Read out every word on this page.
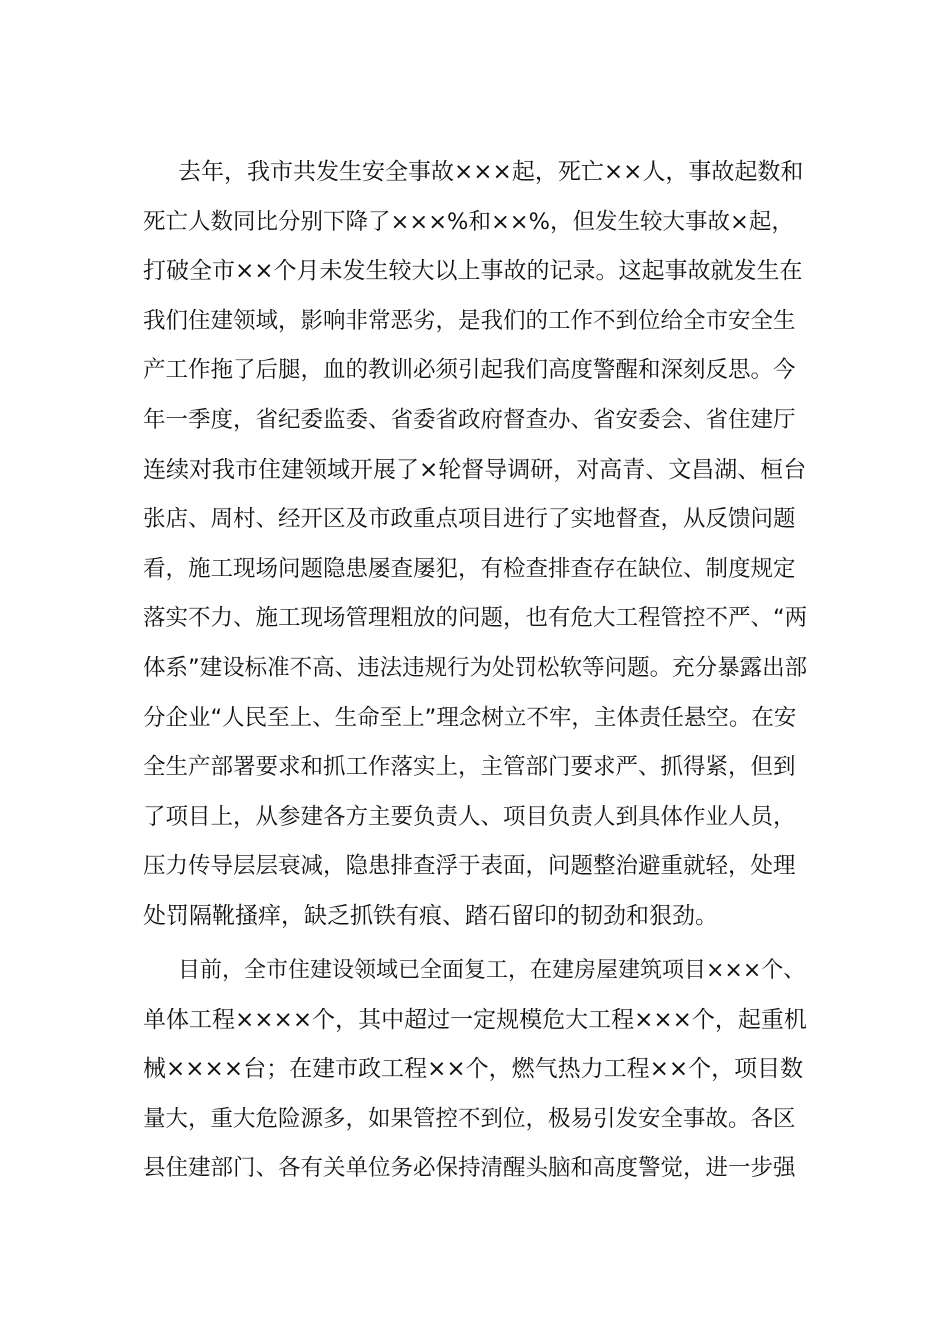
去年，我市共发生安全事故×××起，死亡××人，事故起数和
死亡人数同比分别下降了×××%和××%，但发生较大事故×起，
打破全市××个月未发生较大以上事故的记录。这起事故就发生在
我们住建领域，影响非常恶劣，是我们的工作不到位给全市安全生
产工作拖了后腿，血的教训必须引起我们高度警醒和深刻反思。今
年一季度，省纪委监委、省委省政府督查办、省安委会、省住建厅
连续对我市住建领域开展了×轮督导调研，对高青、文昌湖、桓台
张店、周村、经开区及市政重点项目进行了实地督查，从反馈问题
看，施工现场问题隐患屡查屡犯，有检查排查存在缺位、制度规定
落实不力、施工现场管理粗放的问题，也有危大工程管控不严、“两
体系”建设标准不高、违法违规行为处罚松软等问题。充分暴露出部
分企业“人民至上、生命至上”理念树立不牢，主体责任悬空。在安
全生产部署要求和抓工作落实上，主管部门要求严、抓得紧，但到
了项目上，从参建各方主要负责人、项目负责人到具体作业人员，
压力传导层层衰减，隐患排查浮于表面，问题整治避重就轻，处理
处罚隔靴搔痒，缺乏抓铁有痕、踏石留印的韧劲和狠劲。
目前，全市住建设领域已全面复工，在建房屋建筑项目×××个、
单体工程××××个，其中超过一定规模危大工程×××个，起重机
械××××台；在建市政工程××个，燃气热力工程××个，项目数
量大，重大危险源多，如果管控不到位，极易引发安全事故。各区
县住建部门、各有关单位务必保持清醒头脑和高度警觉，进一步强
